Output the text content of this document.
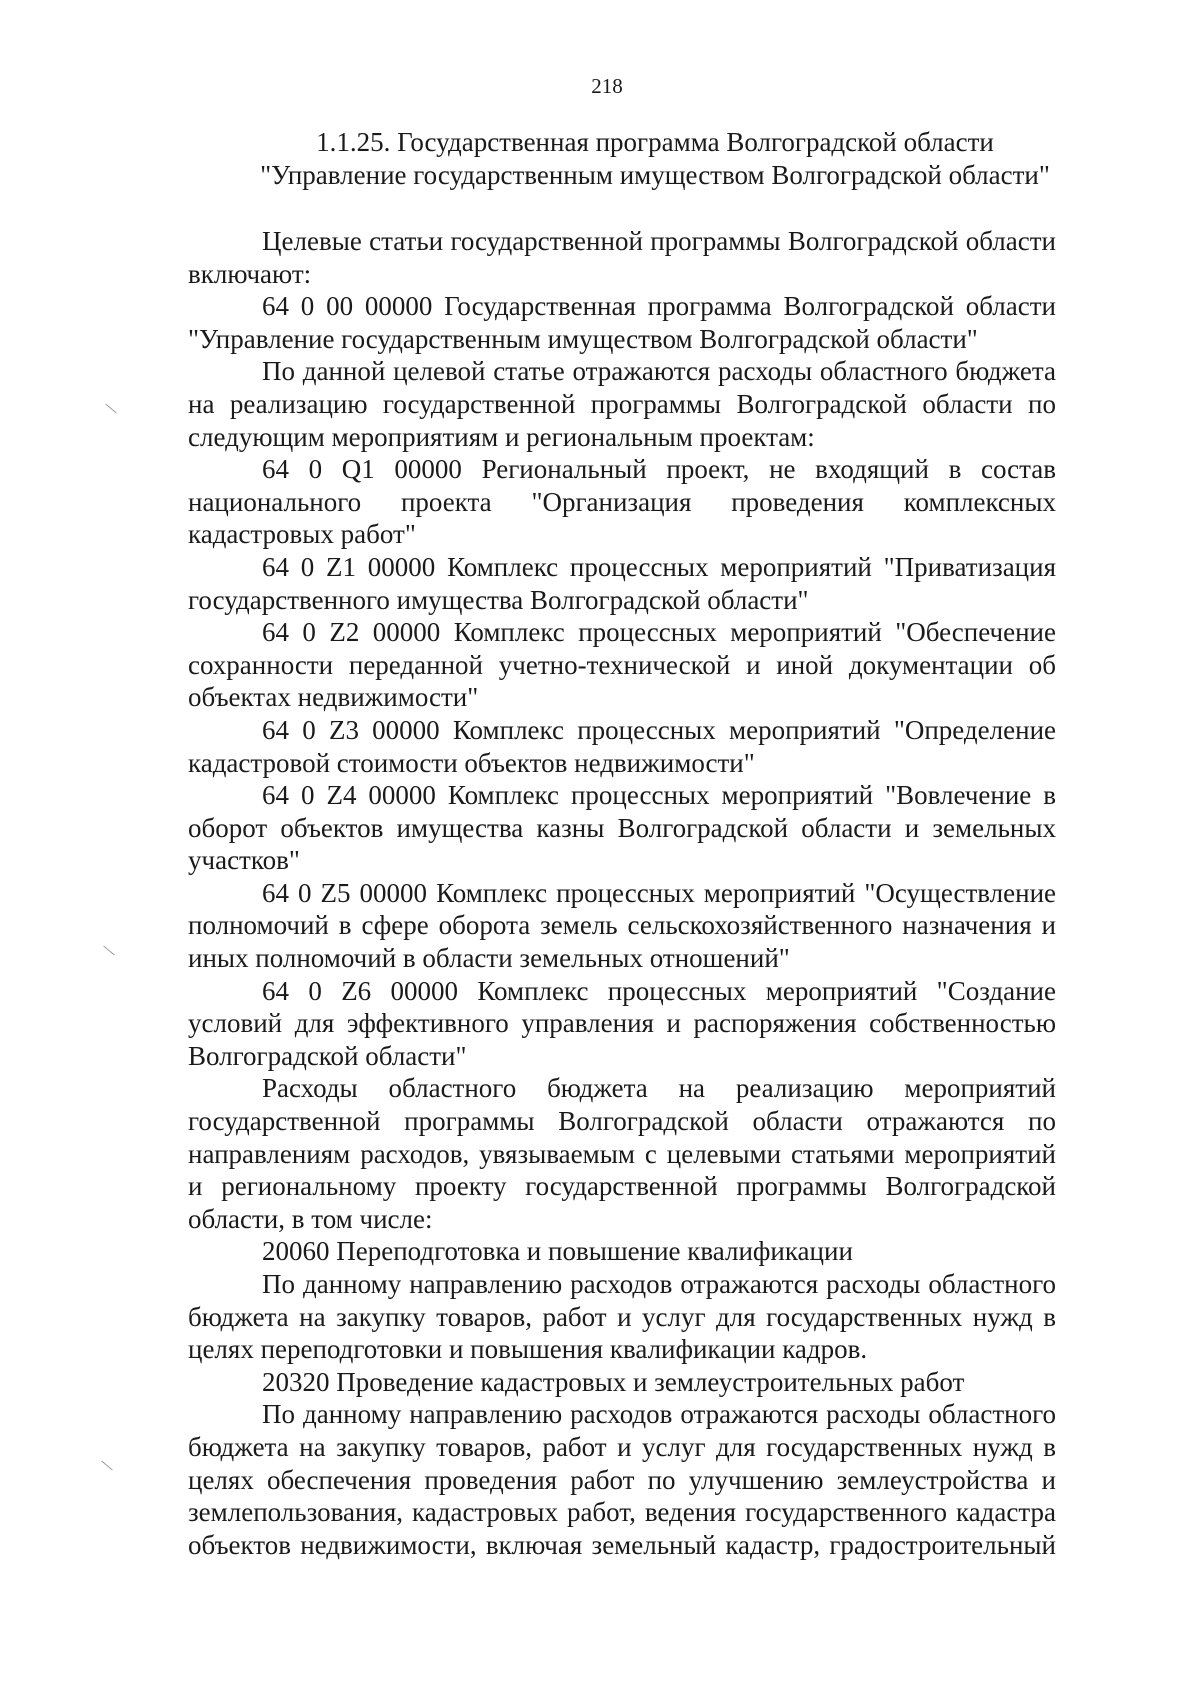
218
1.1.25. Государственная программа Волгоградской области
"Управление государственным имуществом Волгоградской области"

Целевые статьи государственной программы Волгоградской области включают:

64 0 00 00000 Государственная программа Волгоградской области "Управление государственным имуществом Волгоградской области"

По данной целевой статье отражаются расходы областного бюджета на реализацию государственной программы Волгоградской области по следующим мероприятиям и региональным проектам:

64 0 Q1 00000 Региональный проект, не входящий в состав национального проекта "Организация проведения комплексных кадастровых работ"

64 0 Z1 00000 Комплекс процессных мероприятий "Приватизация государственного имущества Волгоградской области"

64 0 Z2 00000 Комплекс процессных мероприятий "Обеспечение сохранности переданной учетно-технической и иной документации об объектах недвижимости"

64 0 Z3 00000 Комплекс процессных мероприятий "Определение кадастровой стоимости объектов недвижимости"

64 0 Z4 00000 Комплекс процессных мероприятий "Вовлечение в оборот объектов имущества казны Волгоградской области и земельных участков"

64 0 Z5 00000 Комплекс процессных мероприятий "Осуществление полномочий в сфере оборота земель сельскохозяйственного назначения и иных полномочий в области земельных отношений"

64 0 Z6 00000 Комплекс процессных мероприятий "Создание условий для эффективного управления и распоряжения собственностью Волгоградской области"

Расходы областного бюджета на реализацию мероприятий государственной программы Волгоградской области отражаются по направлениям расходов, увязываемым с целевыми статьями мероприятий и региональному проекту государственной программы Волгоградской области, в том числе:

20060 Переподготовка и повышение квалификации

По данному направлению расходов отражаются расходы областного бюджета на закупку товаров, работ и услуг для государственных нужд в целях переподготовки и повышения квалификации кадров.

20320 Проведение кадастровых и землеустроительных работ

По данному направлению расходов отражаются расходы областного бюджета на закупку товаров, работ и услуг для государственных нужд в целях обеспечения проведения работ по улучшению землеустройства и землепользования, кадастровых работ, ведения государственного кадастра объектов недвижимости, включая земельный кадастр, градостроительный
